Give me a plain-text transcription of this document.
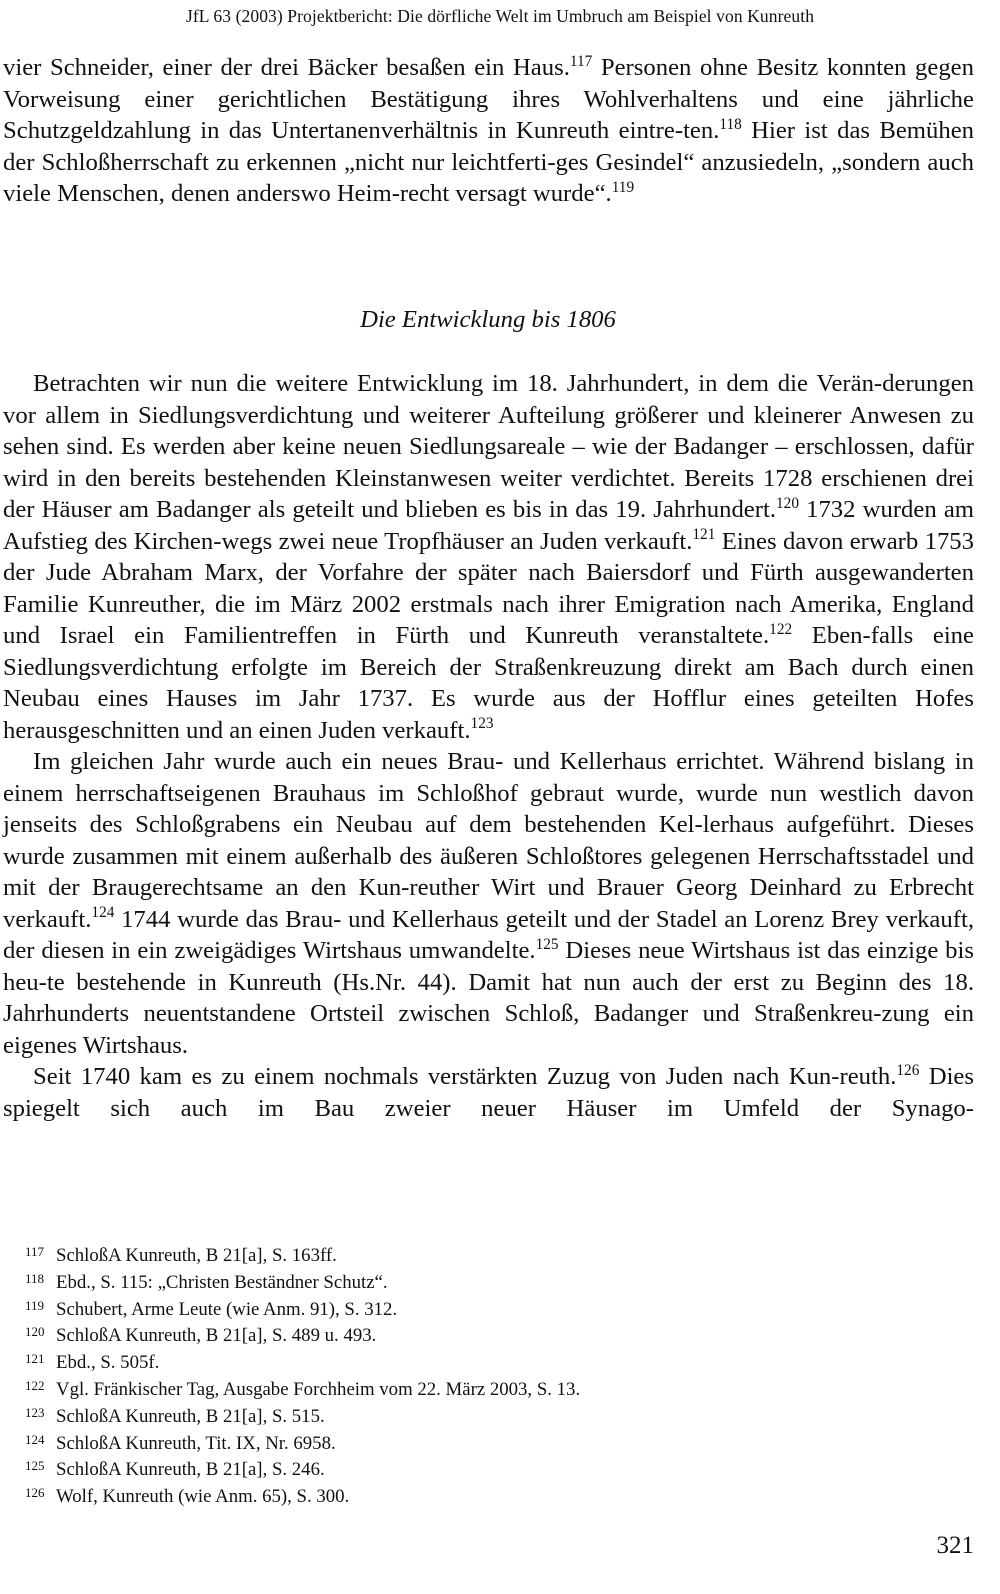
JfL 63 (2003) Projektbericht: Die dörfliche Welt im Umbruch am Beispiel von Kunreuth

vier Schneider, einer der drei Bäcker besaßen ein Haus.$^{117}$ Personen ohne Besitz konnten gegen Vorweisung einer gerichtlichen Bestätigung ihres Wohlverhaltens und eine jährliche Schutzgeldzahlung in das Untertanenverhältnis in Kunreuth eintre-ten.$^{118}$ Hier ist das Bemühen der Schloßherrschaft zu erkennen „nicht nur leichtferti-ges Gesindel“ anzusiedeln, „sondern auch viele Menschen, denen anderswo Heim-recht versagt wurde“.$^{119}$

Die Entwicklung bis 1806

Betrachten wir nun die weitere Entwicklung im 18. Jahrhundert, in dem die Verän-derungen vor allem in Siedlungsverdichtung und weiterer Aufteilung größerer und kleinerer Anwesen zu sehen sind. Es werden aber keine neuen Siedlungsareale – wie der Badanger – erschlossen, dafür wird in den bereits bestehenden Kleinstanwesen weiter verdichtet. Bereits 1728 erschienen drei der Häuser am Badanger als geteilt und blieben es bis in das 19. Jahrhundert.$^{120}$ 1732 wurden am Aufstieg des Kirchen-wegs zwei neue Tropfhäuser an Juden verkauft.$^{121}$ Eines davon erwarb 1753 der Jude Abraham Marx, der Vorfahre der später nach Baiersdorf und Fürth ausgewanderten Familie Kunreuther, die im März 2002 erstmals nach ihrer Emigration nach Amerika, England und Israel ein Familientreffen in Fürth und Kunreuth veranstaltete.$^{122}$ Eben-falls eine Siedlungsverdichtung erfolgte im Bereich der Straßenkreuzung direkt am Bach durch einen Neubau eines Hauses im Jahr 1737. Es wurde aus der Hofflur eines geteilten Hofes herausgeschnitten und an einen Juden verkauft.$^{123}$

Im gleichen Jahr wurde auch ein neues Brau- und Kellerhaus errichtet. Während bislang in einem herrschaftseigenen Brauhaus im Schloßhof gebraut wurde, wurde nun westlich davon jenseits des Schloßgrabens ein Neubau auf dem bestehenden Kel-lerhaus aufgeführt. Dieses wurde zusammen mit einem außerhalb des äußeren Schloßtores gelegenen Herrschaftsstadel und mit der Braugerechtsame an den Kun-reuther Wirt und Brauer Georg Deinhard zu Erbrecht verkauft.$^{124}$ 1744 wurde das Brau- und Kellerhaus geteilt und der Stadel an Lorenz Brey verkauft, der diesen in ein zweigädiges Wirtshaus umwandelte.$^{125}$ Dieses neue Wirtshaus ist das einzige bis heu-te bestehende in Kunreuth (Hs.Nr. 44). Damit hat nun auch der erst zu Beginn des 18. Jahrhunderts neuentstandene Ortsteil zwischen Schloß, Badanger und Straßenkreu-zung ein eigenes Wirtshaus.

Seit 1740 kam es zu einem nochmals verstärkten Zuzug von Juden nach Kun-reuth.$^{126}$ Dies spiegelt sich auch im Bau zweier neuer Häuser im Umfeld der Synago-

117 SchloßA Kunreuth, B 21[a], S. 163ff.
118 Ebd., S. 115: „Christen Beständner Schutz“.
119 Schubert, Arme Leute (wie Anm. 91), S. 312.
120 SchloßA Kunreuth, B 21[a], S. 489 u. 493.
121 Ebd., S. 505f.
122 Vgl. Fränkischer Tag, Ausgabe Forchheim vom 22. März 2003, S. 13.
123 SchloßA Kunreuth, B 21[a], S. 515.
124 SchloßA Kunreuth, Tit. IX, Nr. 6958.
125 SchloßA Kunreuth, B 21[a], S. 246.
126 Wolf, Kunreuth (wie Anm. 65), S. 300.
321
